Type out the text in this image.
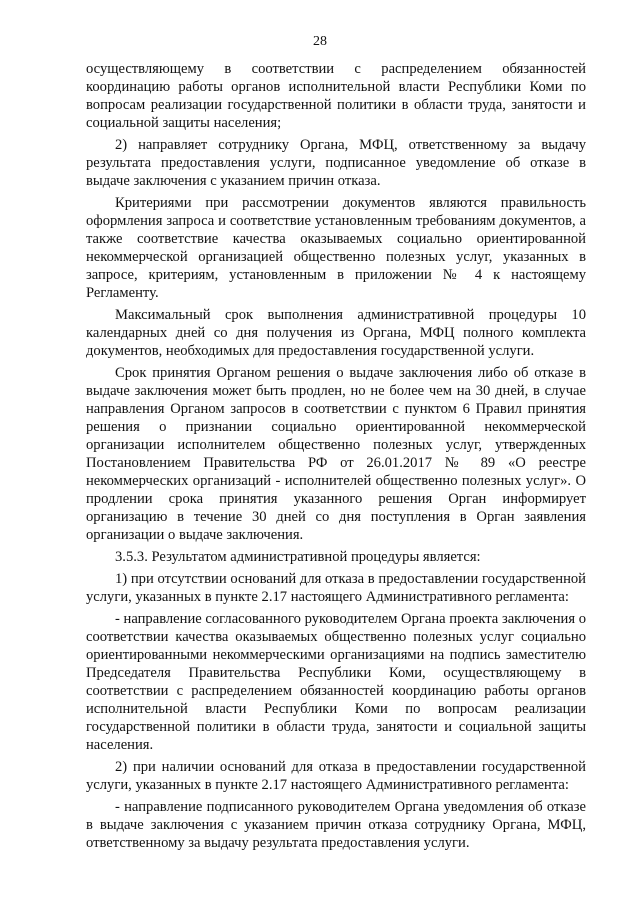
28

осуществляющему в соответствии с распределением обязанностей координацию работы органов исполнительной власти Республики Коми по вопросам реализации государственной политики в области труда, занятости и социальной защиты населения;

2) направляет сотруднику Органа, МФЦ, ответственному за выдачу результата предоставления услуги, подписанное уведомление об отказе в выдаче заключения с указанием причин отказа.

Критериями при рассмотрении документов являются правильность оформления запроса и соответствие установленным требованиям документов, а также соответствие качества оказываемых социально ориентированной некоммерческой организацией общественно полезных услуг, указанных в запросе, критериям, установленным в приложении № 4 к настоящему Регламенту.

Максимальный срок выполнения административной процедуры 10 календарных дней со дня получения из Органа, МФЦ полного комплекта документов, необходимых для предоставления государственной услуги.

Срок принятия Органом решения о выдаче заключения либо об отказе в выдаче заключения может быть продлен, но не более чем на 30 дней, в случае направления Органом запросов в соответствии с пунктом 6 Правил принятия решения о признании социально ориентированной некоммерческой организации исполнителем общественно полезных услуг, утвержденных Постановлением Правительства РФ от 26.01.2017 № 89 «О реестре некоммерческих организаций - исполнителей общественно полезных услуг». О продлении срока принятия указанного решения Орган информирует организацию в течение 30 дней со дня поступления в Орган заявления организации о выдаче заключения.

3.5.3. Результатом административной процедуры является:

1) при отсутствии оснований для отказа в предоставлении государственной услуги, указанных в пункте 2.17 настоящего Административного регламента:

- направление согласованного руководителем Органа проекта заключения о соответствии качества оказываемых общественно полезных услуг социально ориентированными некоммерческими организациями на подпись заместителю Председателя Правительства Республики Коми, осуществляющему в соответствии с распределением обязанностей координацию работы органов исполнительной власти Республики Коми по вопросам реализации государственной политики в области труда, занятости и социальной защиты населения.

2) при наличии оснований для отказа в предоставлении государственной услуги, указанных в пункте 2.17 настоящего Административного регламента:

- направление подписанного руководителем Органа уведомления об отказе в выдаче заключения с указанием причин отказа сотруднику Органа, МФЦ, ответственному за выдачу результата предоставления услуги.
